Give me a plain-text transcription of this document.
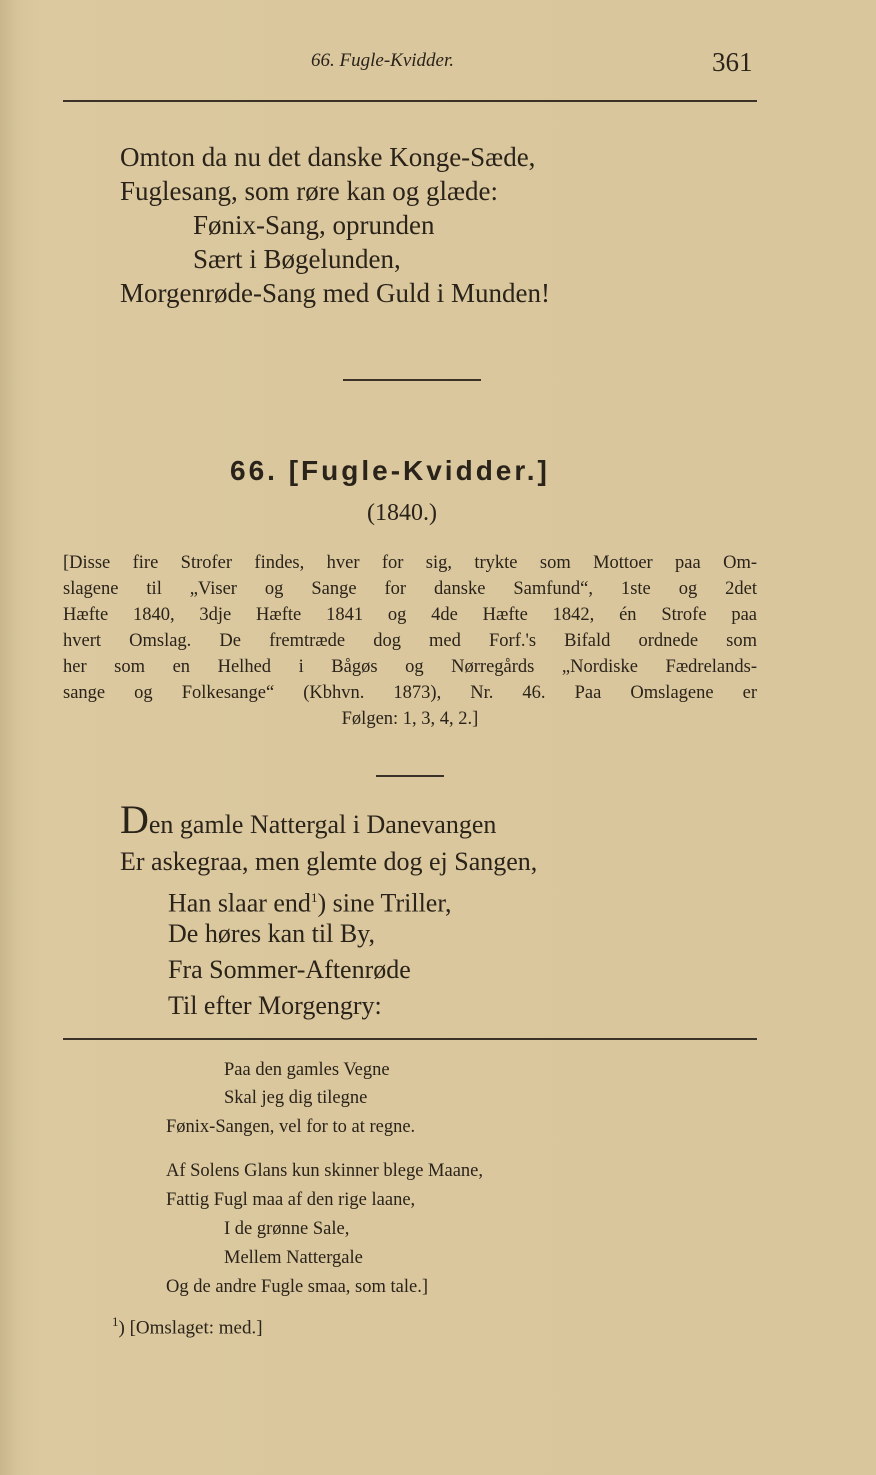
66. Fugle-Kvidder.	361
Omton da nu det danske Konge-Sæde,
Fuglesang, som røre kan og glæde:
Fønix-Sang, oprunden
Sært i Bøgelunden,
Morgenrøde-Sang med Guld i Munden!
66. [Fugle-Kvidder.]
(1840.)
[Disse fire Strofer findes, hver for sig, trykte som Mottoer paa Om-
slagene til „Viser og Sange for danske Samfund“, 1ste og 2det
Hæfte 1840, 3dje Hæfte 1841 og 4de Hæfte 1842, én Strofe paa
hvert Omslag. De fremtræde dog med Forf.'s Bifald ordnede som
her som en Helhed i Bågøs og Nørregårds „Nordiske Fædrelands-
sange og Folkesange“ (Kbhvn. 1873), Nr. 46. Paa Omslagene er
Følgen: 1, 3, 4, 2.]
Den gamle Nattergal i Danevangen
Er askegraa, men glemte dog ej Sangen,
Han slaar end$^1$) sine Triller,
De høres kan til By,
Fra Sommer-Aftenrøde
Til efter Morgengry:
Paa den gamles Vegne
Skal jeg dig tilegne
Fønix-Sangen, vel for to at regne.
Af Solens Glans kun skinner blege Maane,
Fattig Fugl maa af den rige laane,
I de grønne Sale,
Mellem Nattergale
Og de andre Fugle smaa, som tale.]
$^1$) [Omslaget: med.]
